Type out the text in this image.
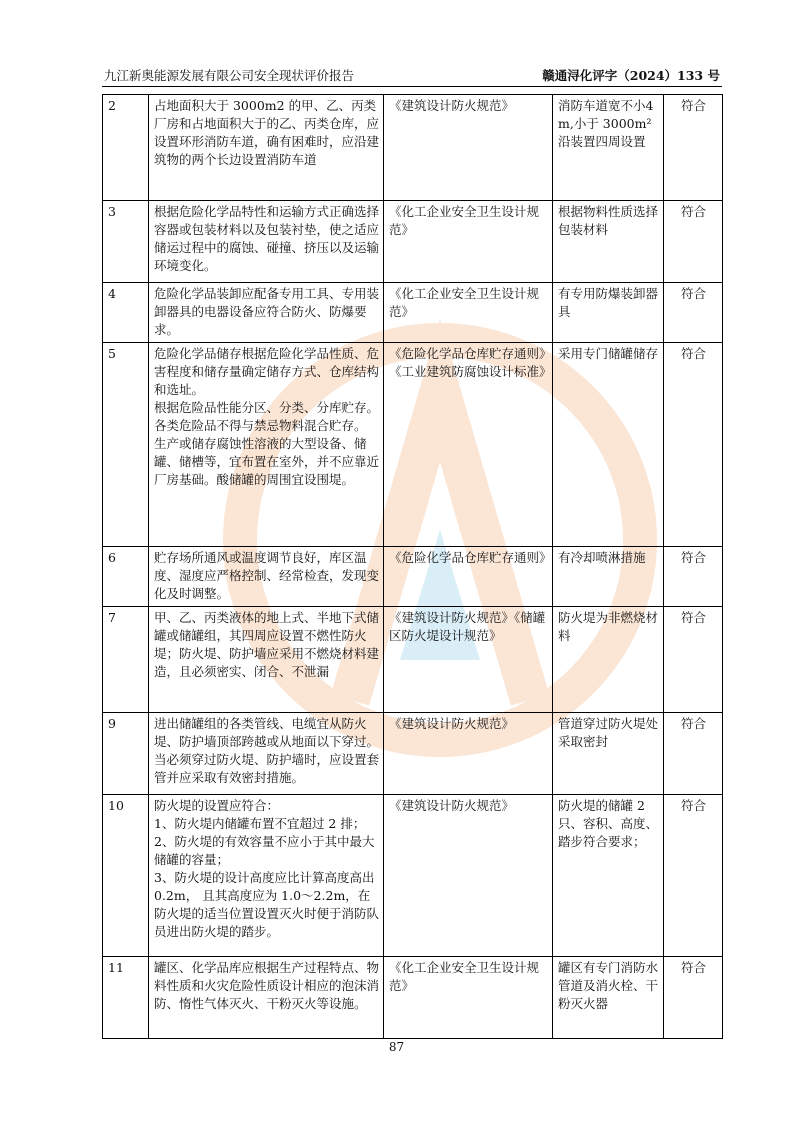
九江新奥能源发展有限公司安全现状评价报告	赣通浔化评字（2024）133 号
2	占地面积大于 3000m2 的甲、乙、丙类厂房和占地面积大于的乙、丙类仓库，应设置环形消防车道，确有困难时，应沿建筑物的两个长边设置消防车道	《建筑设计防火规范》	消防车道宽不小4m,小于 3000m² 沿装置四周设置	符合
3	根据危险化学品特性和运输方式正确选择容器或包装材料以及包装衬垫，使之适应储运过程中的腐蚀、碰撞、挤压以及运输环境变化。	《化工企业安全卫生设计规范》	根据物料性质选择包装材料	符合
4	危险化学品装卸应配备专用工具、专用装卸器具的电器设备应符合防火、防爆要求。	《化工企业安全卫生设计规范》	有专用防爆装卸器具	符合
5	危险化学品储存根据危险化学品性质、危害程度和储存量确定储存方式、仓库结构和选址。
根据危险品性能分区、分类、分库贮存。各类危险品不得与禁忌物料混合贮存。
生产或储存腐蚀性溶液的大型设备、储罐、储槽等，宜布置在室外，并不应靠近厂房基础。酸储罐的周围宜设围堤。	《危险化学品仓库贮存通则》《工业建筑防腐蚀设计标准》	采用专门储罐储存	符合
6	贮存场所通风或温度调节良好，库区温度、湿度应严格控制、经常检查，发现变化及时调整。	《危险化学品仓库贮存通则》	有冷却喷淋措施	符合
7	甲、乙、丙类液体的地上式、半地下式储罐或储罐组，其四周应设置不燃性防火堤；防火堤、防护墙应采用不燃烧材料建造，且必须密实、闭合、不泄漏	《建筑设计防火规范》《储罐区防火堤设计规范》	防火堤为非燃烧材料	符合
9	进出储罐组的各类管线、电缆宜从防火堤、防护墙顶部跨越或从地面以下穿过。当必须穿过防火堤、防护墙时，应设置套管并应采取有效密封措施。	《建筑设计防火规范》	管道穿过防火堤处采取密封	符合
10	防火堤的设置应符合：
1、防火堤内储罐布置不宜超过 2 排；
2、防火堤的有效容量不应小于其中最大储罐的容量；
3、防火堤的设计高度应比计算高度高出 0.2m， 且其高度应为 1.0～2.2m，在防火堤的适当位置设置灭火时便于消防队员进出防火堤的踏步。	《建筑设计防火规范》	防火堤的储罐 2 只、容积、高度、踏步符合要求；	符合
11	罐区、化学品库应根据生产过程特点、物料性质和火灾危险性质设计相应的泡沫消防、惰性气体灭火、干粉灭火等设施。	《化工企业安全卫生设计规范》	罐区有专门消防水管道及消火栓、干粉灭火器	符合
87
